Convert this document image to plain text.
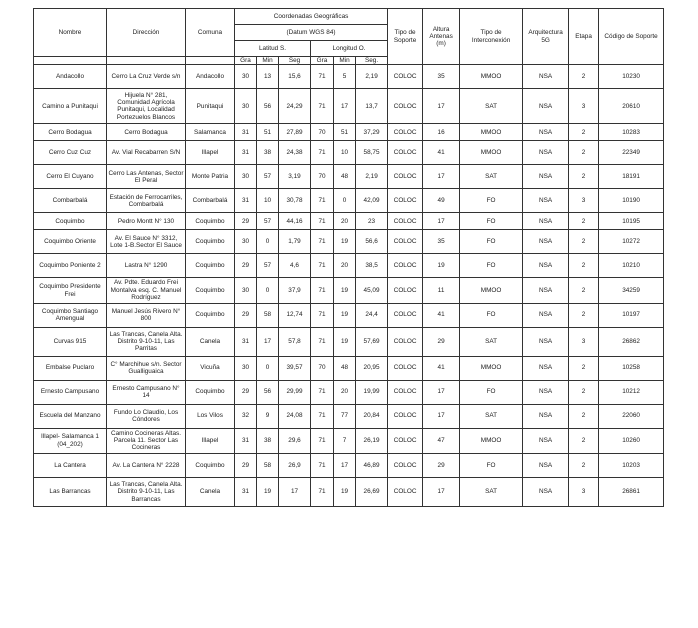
Nombre	Dirección	Comuna	Coordenadas Geográficas						Tipo de Soporte	Altura Antenas (m)	Tipo de Interconexión	Arquitectura 5G	Etapa	Código de Soporte
			(Datum WGS 84)											
			Latitud S.			Longitud O.								
			Gra	Min	Seg	Gra	Min	Seg.						
Andacollo	Cerro La Cruz Verde s/n	Andacollo	30	13	15,6	71	5	2,19	COLOC	35	MMOO	NSA	2	10230
Camino a Punitaqui	Hijuela N° 281, Comunidad Agrícola Punitaqui, Localidad Portezuelos Blancos	Punitaqui	30	56	24,29	71	17	13,7	COLOC	17	SAT	NSA	3	20610
Cerro Bodagua	Cerro Bodagua	Salamanca	31	51	27,89	70	51	37,29	COLOC	16	MMOO	NSA	2	10283
Cerro Cuz Cuz	Av. Vial Recabarren S/N	Illapel	31	38	24,38	71	10	58,75	COLOC	41	MMOO	NSA	2	22349
Cerro El Cuyano	Cerro Las Antenas, Sector El Peral	Monte Patria	30	57	3,19	70	48	2,19	COLOC	17	SAT	NSA	2	18191
Combarbalá	Estación de Ferrocarriles, Combarbalá	Combarbalá	31	10	30,78	71	0	42,09	COLOC	49	FO	NSA	3	10190
Coquimbo	Pedro Montt N° 130	Coquimbo	29	57	44,16	71	20	23	COLOC	17	FO	NSA	2	10195
Coquimbo Oriente	Av. El Sauce N° 3312, Lote 1-B.Sector El Sauce	Coquimbo	30	0	1,79	71	19	56,6	COLOC	35	FO	NSA	2	10272
Coquimbo Poniente 2	Lastra N° 1290	Coquimbo	29	57	4,6	71	20	38,5	COLOC	19	FO	NSA	2	10210
Coquimbo Presidente Frei	Av. Pdte. Eduardo Frei Montalva esq. C. Manuel Rodríguez	Coquimbo	30	0	37,9	71	19	45,09	COLOC	11	MMOO	NSA	2	34259
Coquimbo Santiago Amengual	Manuel Jesús Rivero N° 800	Coquimbo	29	58	12,74	71	19	24,4	COLOC	41	FO	NSA	2	10197
Curvas 915	Las Trancas, Canela Alta. Distrito 9-10-11, Las Parritas	Canela	31	17	57,8	71	19	57,69	COLOC	29	SAT	NSA	3	26862
Embalse Puclaro	C° Marchihue s/n. Sector Gualliguaica	Vicuña	30	0	39,57	70	48	20,95	COLOC	41	MMOO	NSA	2	10258
Ernesto Campusano	Ernesto Campusano N° 14	Coquimbo	29	56	29,99	71	20	19,99	COLOC	17	FO	NSA	2	10212
Escuela del Manzano	Fundo Lo Claudio, Los Cóndores	Los Vilos	32	9	24,08	71	77	20,84	COLOC	17	SAT	NSA	2	22060
Illapel- Salamanca 1 (04_202)	Camino Cocineras Altas. Parcela 11. Sector Las Cocineras	Illapel	31	38	29,6	71	7	26,19	COLOC	47	MMOO	NSA	2	10260
La Cantera	Av. La Cantera N° 2228	Coquimbo	29	58	26,9	71	17	46,89	COLOC	29	FO	NSA	2	10203
Las Barrancas	Las Trancas, Canela Alta. Distrito 9-10-11, Las Barrancas	Canela	31	19	17	71	19	26,69	COLOC	17	SAT	NSA	3	26861
